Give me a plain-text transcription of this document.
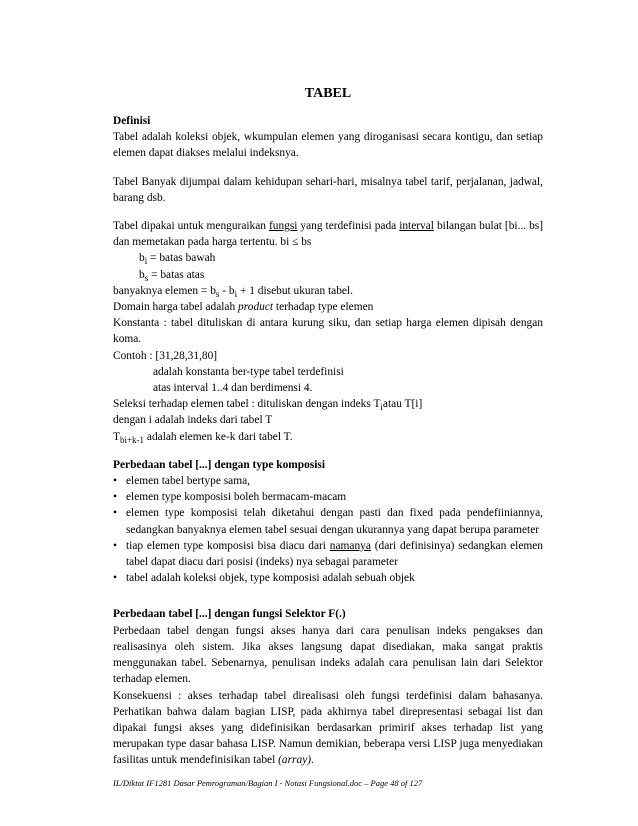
TABEL

Definisi

Tabel adalah koleksi objek, wkumpulan elemen yang diroganisasi secara kontigu, dan setiap elemen dapat diakses melalui indeksnya.

Tabel Banyak dijumpai dalam kehidupan sehari-hari, misalnya tabel tarif, perjalanan, jadwal, barang dsb.

Tabel dipakai untuk menguraikan fungsi yang terdefinisi pada interval bilangan bulat [bi... bs] dan memetakan pada harga tertentu. bi ≤ bs

$b_i$ = batas bawah

$b_s$ = batas atas

banyaknya elemen = $b_s - b_i + 1$ disebut ukuran tabel.

Domain harga tabel adalah product terhadap type elemen

Konstanta : tabel dituliskan di antara kurung siku, dan setiap harga elemen dipisah dengan koma.

Contoh : [31,28,31,80]

adalah konstanta ber-type tabel terdefinisi

atas interval 1..4 dan berdimensi 4.

Seleksi terhadap elemen tabel : dituliskan dengan indeks $T_iatau$ T[i]

dengan i adalah indeks dari tabel T

$T_{bi+k-1}$ adalah elemen ke-k dari tabel T.

Perbedaan tabel [...] dengan type komposisi

• elemen tabel bertype sama,
• elemen type komposisi boleh bermacam-macam
• elemen type komposisi telah diketahui dengan pasti dan fixed pada pendefiiniannya, sedangkan banyaknya elemen tabel sesuai dengan ukurannya yang dapat berupa parameter
• tiap elemen type komposisi bisa diacu dari namanya (dari definisinya) sedangkan elemen tabel dapat diacu dari posisi (indeks) nya sebagai parameter
• tabel adalah koleksi objek, type komposisi adalah sebuah objek

Perbedaan tabel [...] dengan fungsi Selektor F(.)

Perbedaan tabel dengan fungsi akses hanya dari cara penulisan indeks pengakses dan realisasinya oleh sistem. Jika akses langsung dapat disediakan, maka sangat praktis menggunakan tabel. Sebenarnya, penulisan indeks adalah cara penulisan lain dari Selektor terhadap elemen.

Konsekuensi : akses terhadap tabel direalisasi oleh fungsi terdefinisi dalam bahasanya. Perhatikan bahwa dalam bagian LISP, pada akhirnya tabel direpresentasi sebagai list dan dipakai fungsi akses yang didefinisikan berdasarkan primirif akses terhadap list yang merupakan type dasar bahasa LISP. Namun demikian, beberapa versi LISP juga menyediakan fasilitas untuk mendefinisikan tabel (array).

IL/Diktat IF1281 Dasar Pemrograman/Bagian I - Notasi Fungsional.doc – Page 48 of 127
